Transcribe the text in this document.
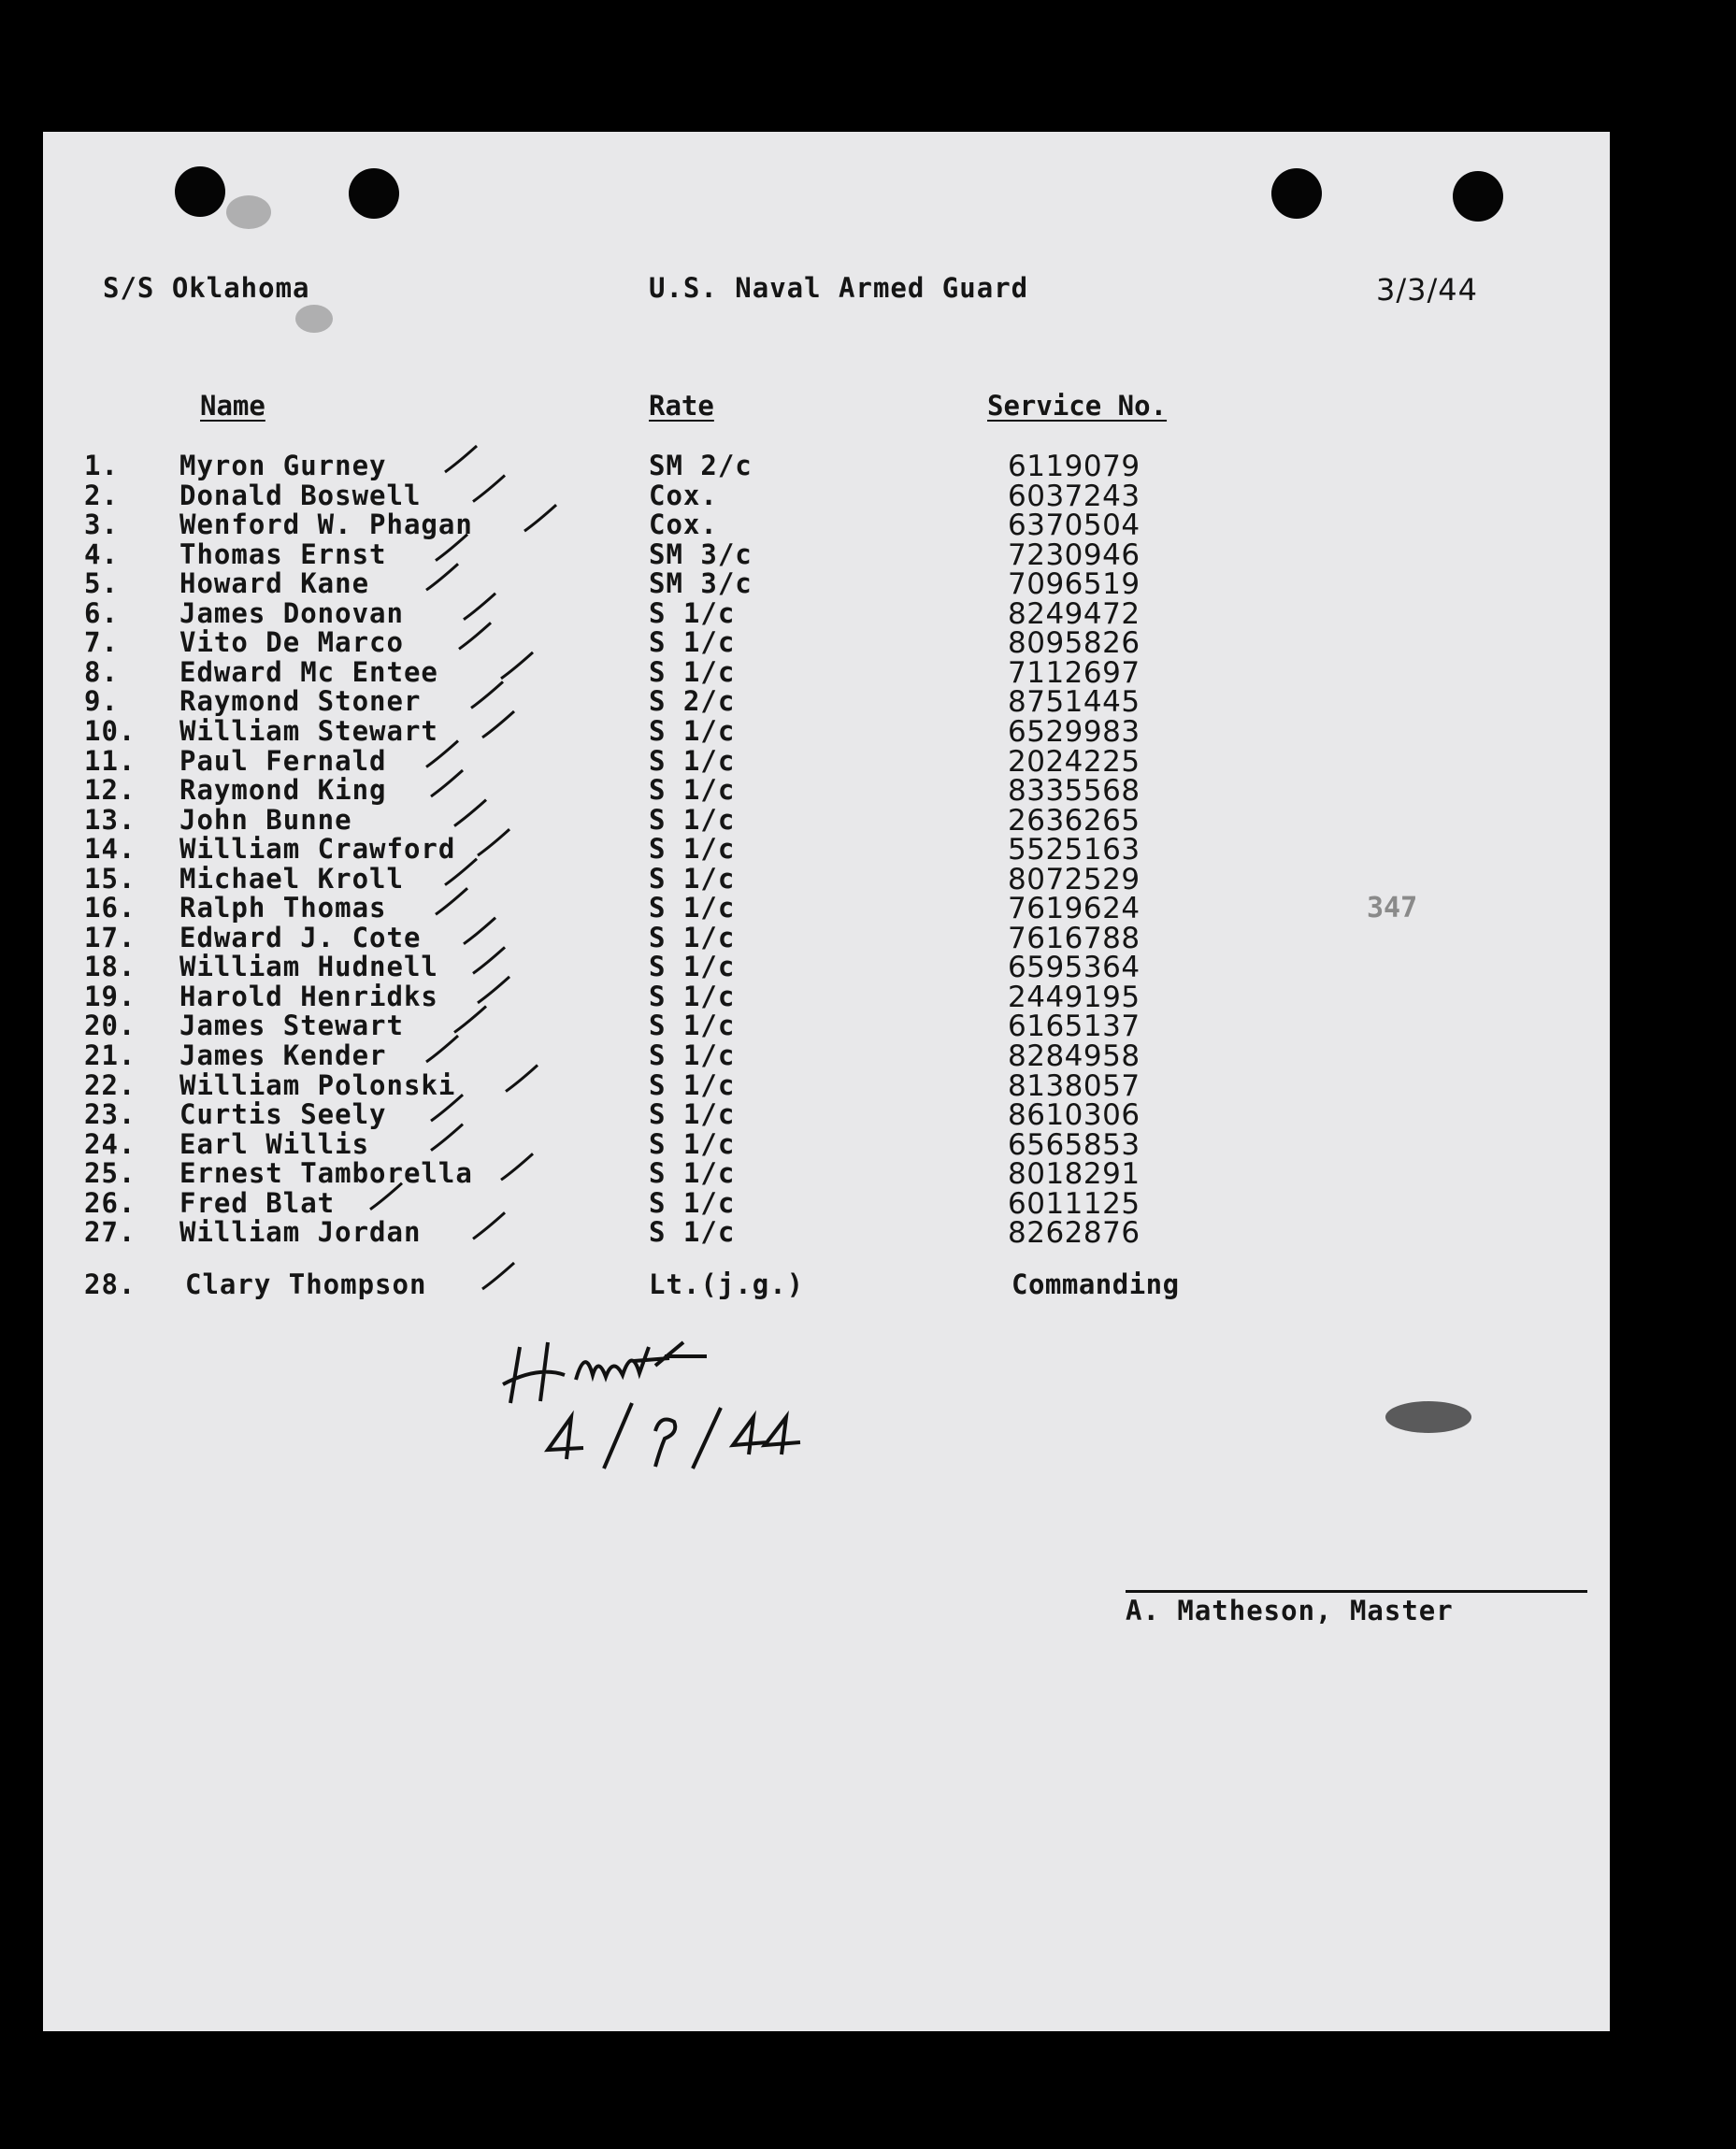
S/S Oklahoma	U.S. Naval Armed Guard	3/3/44
Name	Rate	Service No.
1.	Myron Gurney	SM 2/c	6119079
2.	Donald Boswell	Cox.	6037243
3.	Wenford W. Phagan	Cox.	6370504
4.	Thomas Ernst	SM 3/c	7230946
5.	Howard Kane	SM 3/c	7096519
6.	James Donovan	S 1/c	8249472
7.	Vito De Marco	S 1/c	8095826
8.	Edward Mc Entee	S 1/c	7112697
9.	Raymond Stoner	S 2/c	8751445
10.	William Stewart	S 1/c	6529983
11.	Paul Fernald	S 1/c	2024225
12.	Raymond King	S 1/c	8335568
13.	John Bunne	S 1/c	2636265
14.	William Crawford	S 1/c	5525163
15.	Michael Kroll	S 1/c	8072529
16.	Ralph Thomas	S 1/c	7619624
17.	Edward J. Cote	S 1/c	7616788
18.	William Hudnell	S 1/c	6595364
19.	Harold Henridks	S 1/c	2449195
20.	James Stewart	S 1/c	6165137
21.	James Kender	S 1/c	8284958
22.	William Polonski	S 1/c	8138057
23.	Curtis Seely	S 1/c	8610306
24.	Earl Willis	S 1/c	6565853
25.	Ernest Tamborella	S 1/c	8018291
26.	Fred Blat	S 1/c	6011125
27.	William Jordan	S 1/c	8262876
28.	Clary Thompson	Lt.(j.g.)	Commanding
347
A. Matheson, Master
